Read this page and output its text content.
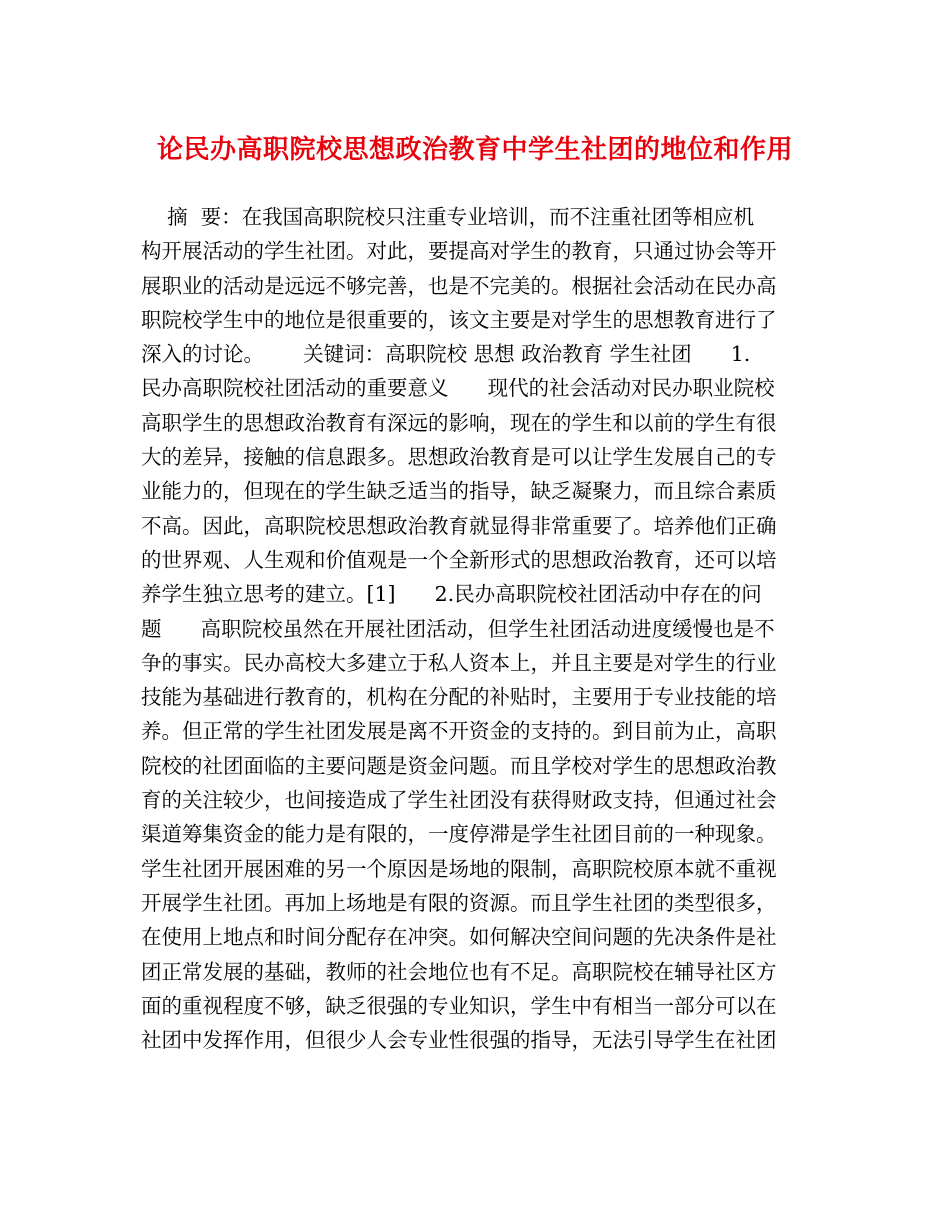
论民办高职院校思想政治教育中学生社团的地位和作用
摘  要：在我国高职院校只注重专业培训，而不注重社团等相应机
构开展活动的学生社团。对此，要提高对学生的教育，只通过协会等开
展职业的活动是远远不够完善，也是不完美的。根据社会活动在民办高
职院校学生中的地位是很重要的，该文主要是对学生的思想教育进行了
深入的讨论。      关键词：高职院校 思想 政治教育 学生社团      1.
民办高职院校社团活动的重要意义      现代的社会活动对民办职业院校
高职学生的思想政治教育有深远的影响，现在的学生和以前的学生有很
大的差异，接触的信息跟多。思想政治教育是可以让学生发展自己的专
业能力的，但现在的学生缺乏适当的指导，缺乏凝聚力，而且综合素质
不高。因此，高职院校思想政治教育就显得非常重要了。培养他们正确
的世界观、人生观和价值观是一个全新形式的思想政治教育，还可以培
养学生独立思考的建立。[1]      2.民办高职院校社团活动中存在的问
题      高职院校虽然在开展社团活动，但学生社团活动进度缓慢也是不
争的事实。民办高校大多建立于私人资本上，并且主要是对学生的行业
技能为基础进行教育的，机构在分配的补贴时，主要用于专业技能的培
养。但正常的学生社团发展是离不开资金的支持的。到目前为止，高职
院校的社团面临的主要问题是资金问题。而且学校对学生的思想政治教
育的关注较少，也间接造成了学生社团没有获得财政支持，但通过社会
渠道筹集资金的能力是有限的，一度停滞是学生社团目前的一种现象。
学生社团开展困难的另一个原因是场地的限制，高职院校原本就不重视
开展学生社团。再加上场地是有限的资源。而且学生社团的类型很多，
在使用上地点和时间分配存在冲突。如何解决空间问题的先决条件是社
团正常发展的基础，教师的社会地位也有不足。高职院校在辅导社区方
面的重视程度不够，缺乏很强的专业知识，学生中有相当一部分可以在
社团中发挥作用，但很少人会专业性很强的指导，无法引导学生在社团
